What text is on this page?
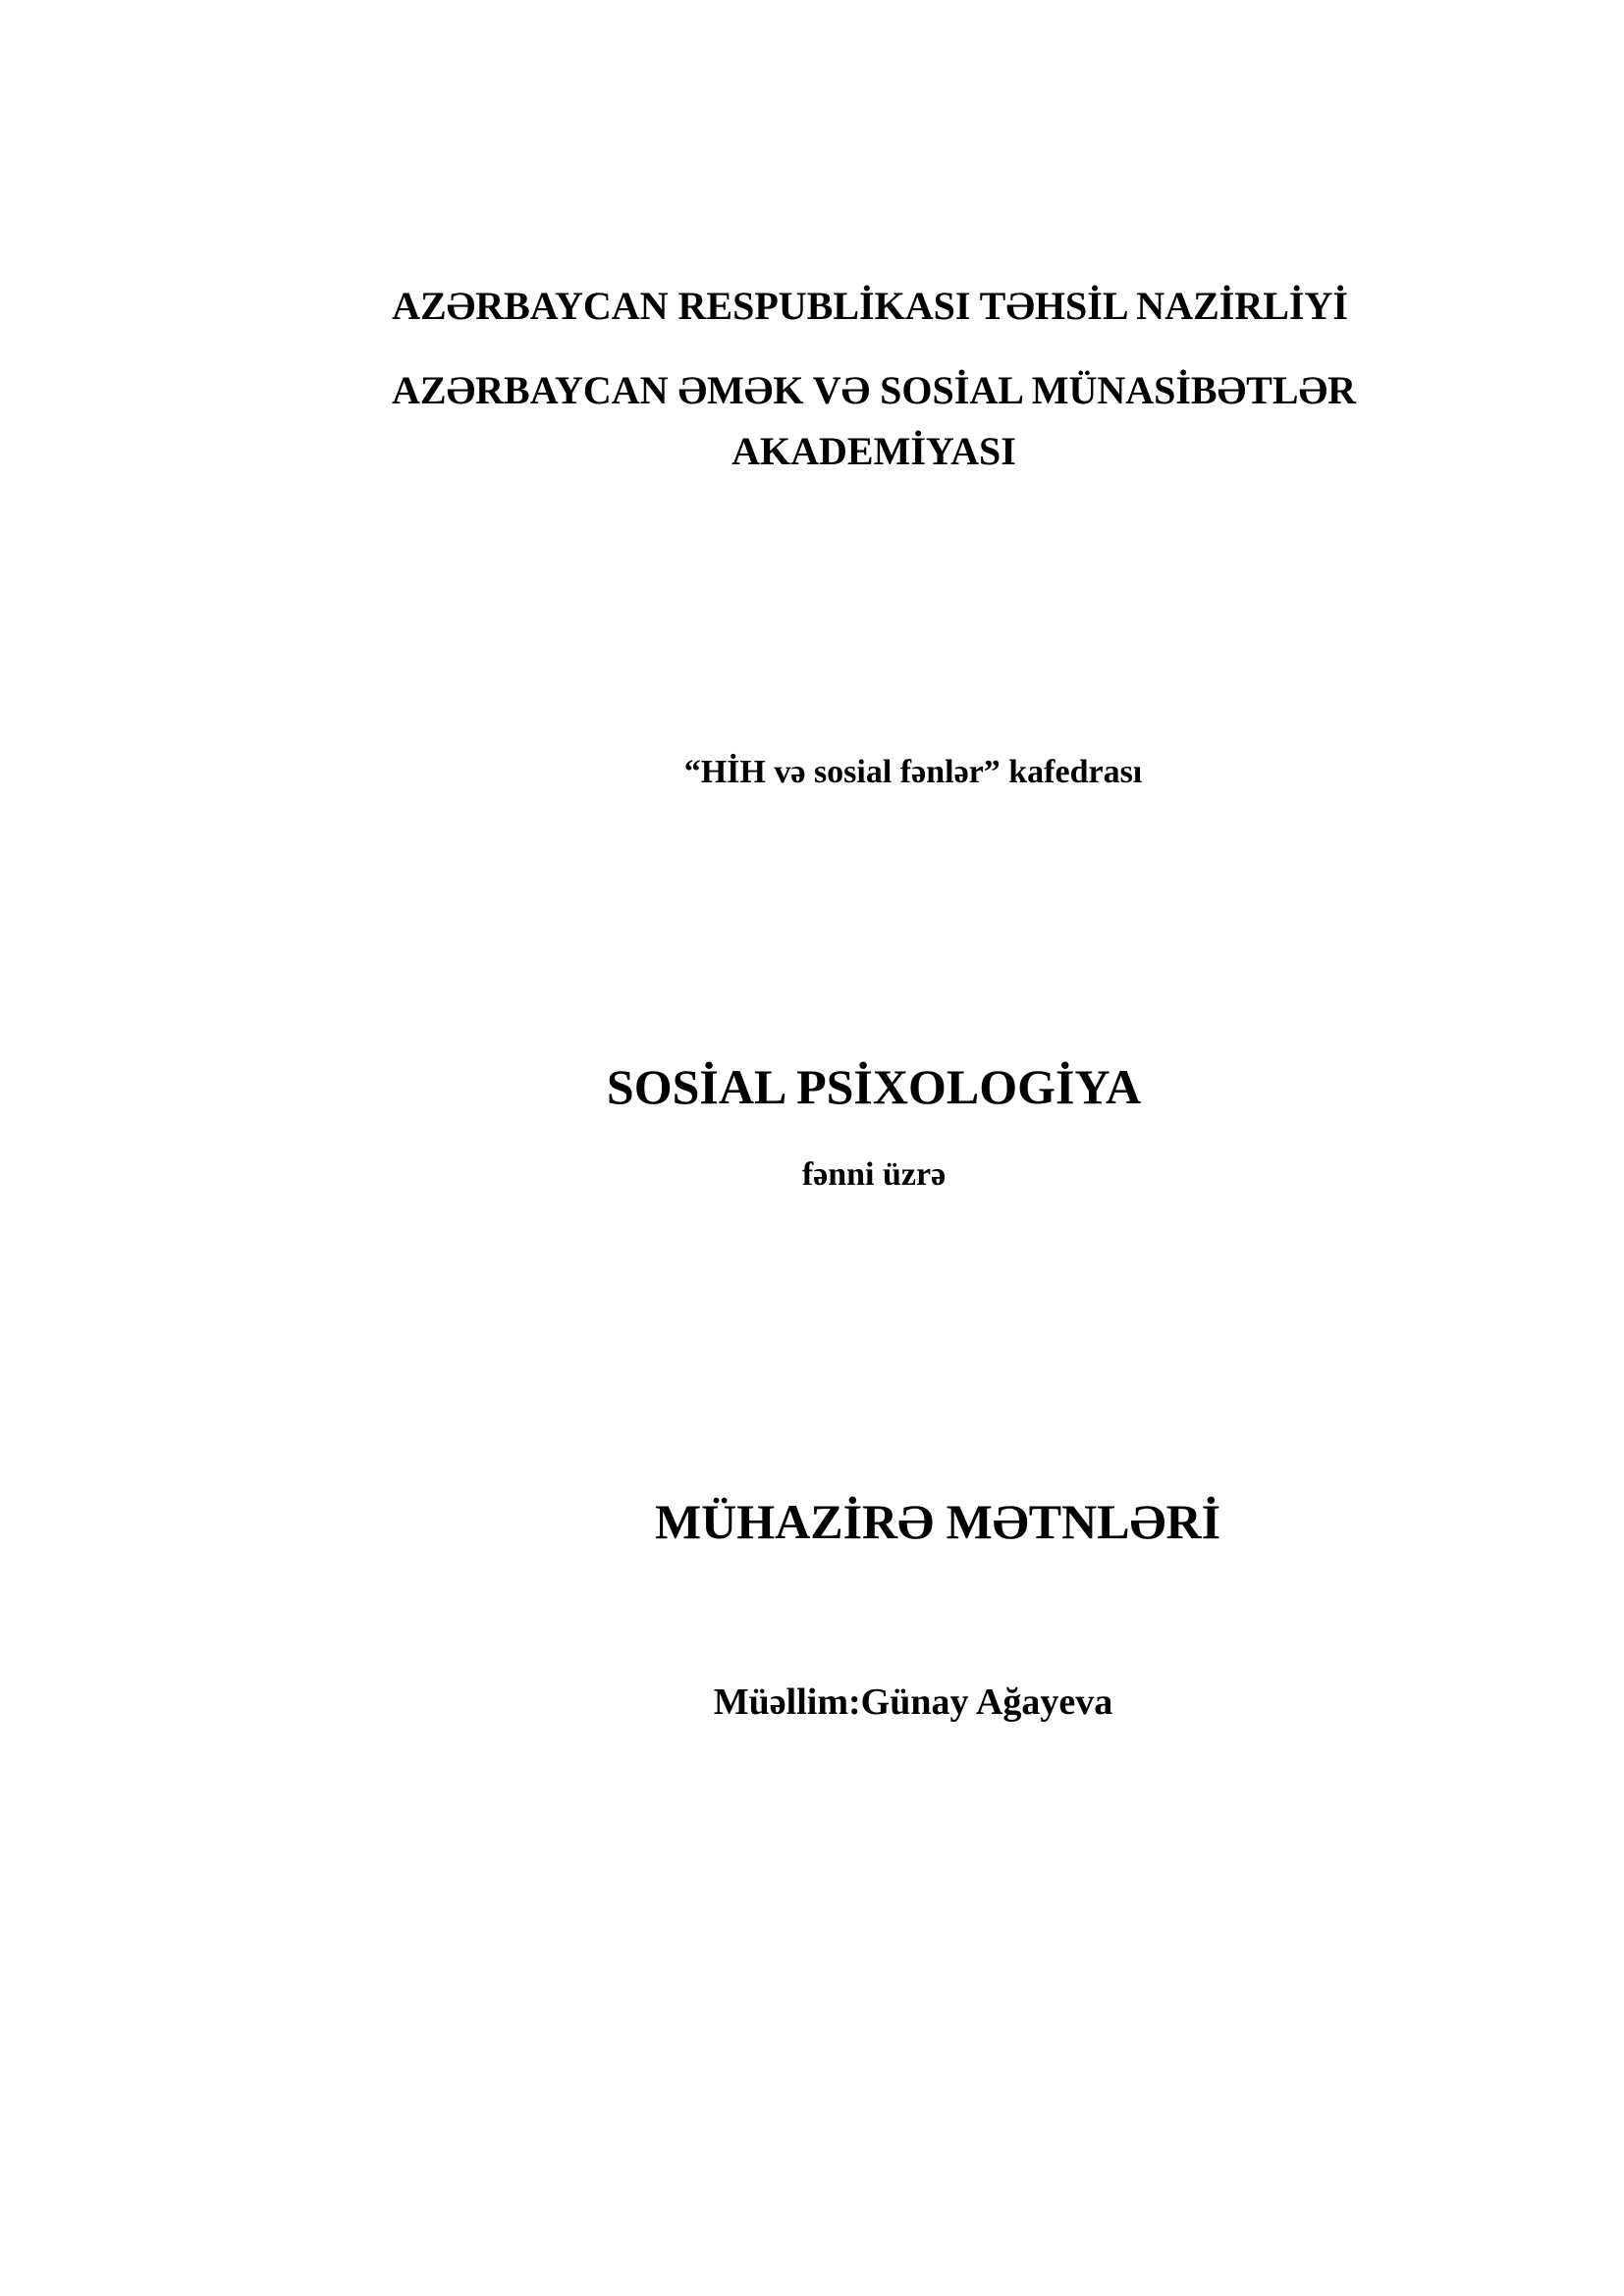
AZƏRBAYCAN RESPUBLİKASI TƏHSİL NAZİRLİYİ
AZƏRBAYCAN ƏMƏK VƏ SOSİAL MÜNASİBƏTLƏR
AKADEMİYASI
“HİH və sosial fənlər” kafedrası
SOSİAL PSİXOLOGİYA
fənni üzrə
MÜHAZİRƏ MƏTNLƏRİ
Müəllim:Günay Ağayeva
